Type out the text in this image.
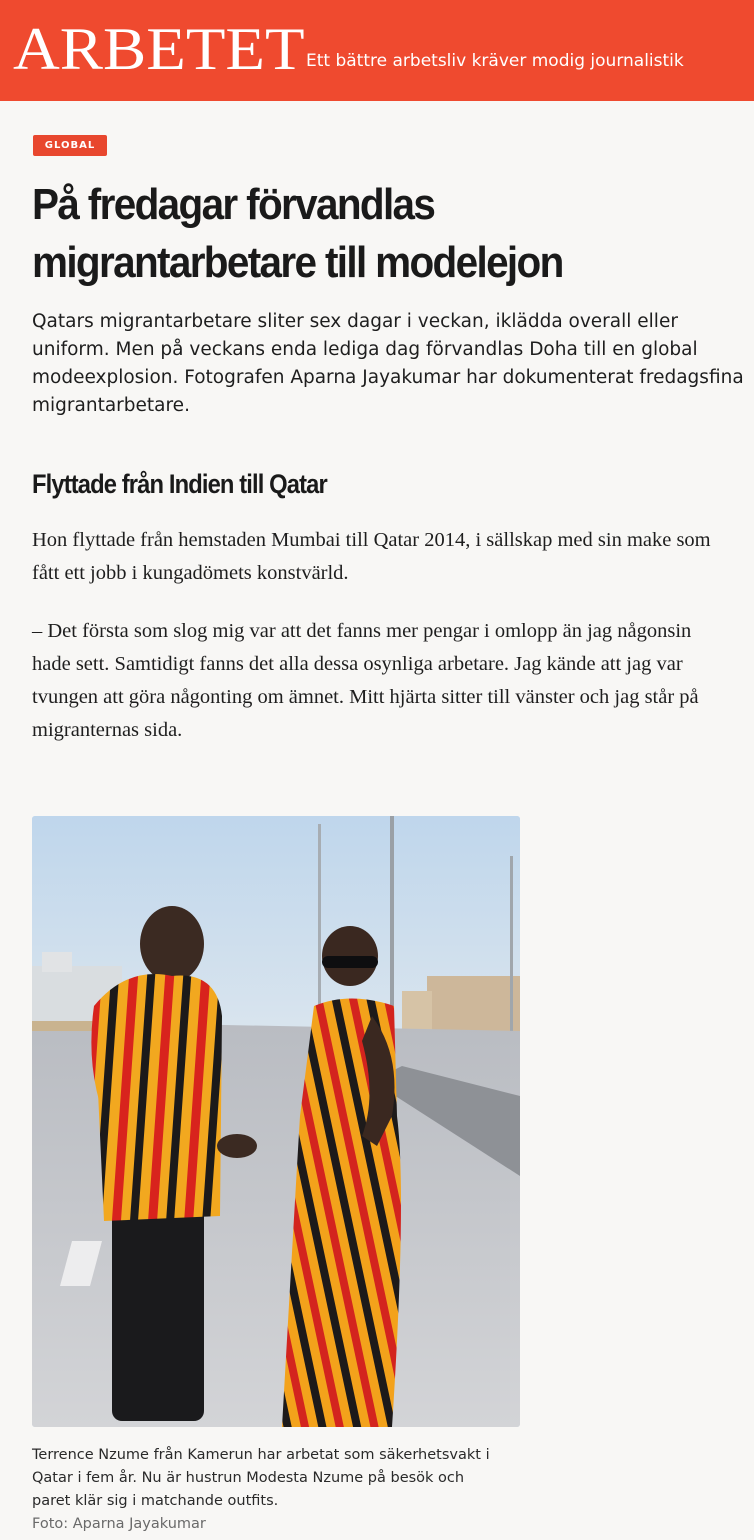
ARBETET Ett bättre arbetsliv kräver modig journalistik
GLOBAL
På fredagar förvandlas migrantarbetare till modelejon

Qatars migrantarbetare sliter sex dagar i veckan, iklädda overall eller uniform. Men på veckans enda lediga dag förvandlas Doha till en global modeexplosion. Fotografen Aparna Jayakumar har dokumenterat fredagsfina migrantarbetare.

Flyttade från Indien till Qatar

Hon flyttade från hemstaden Mumbai till Qatar 2014, i sällskap med sin make som fått ett jobb i kungadömets konstvärld.

– Det första som slog mig var att det fanns mer pengar i omlopp än jag någonsin hade sett. Samtidigt fanns det alla dessa osynliga arbetare. Jag kände att jag var tvungen att göra någonting om ämnet. Mitt hjärta sitter till vänster och jag står på migranternas sida.

Terrence Nzume från Kamerun har arbetat som säkerhetsvakt i Qatar i fem år. Nu är hustrun Modesta Nzume på besök och paret klär sig i matchande outfits.

Foto: Aparna Jayakumar
